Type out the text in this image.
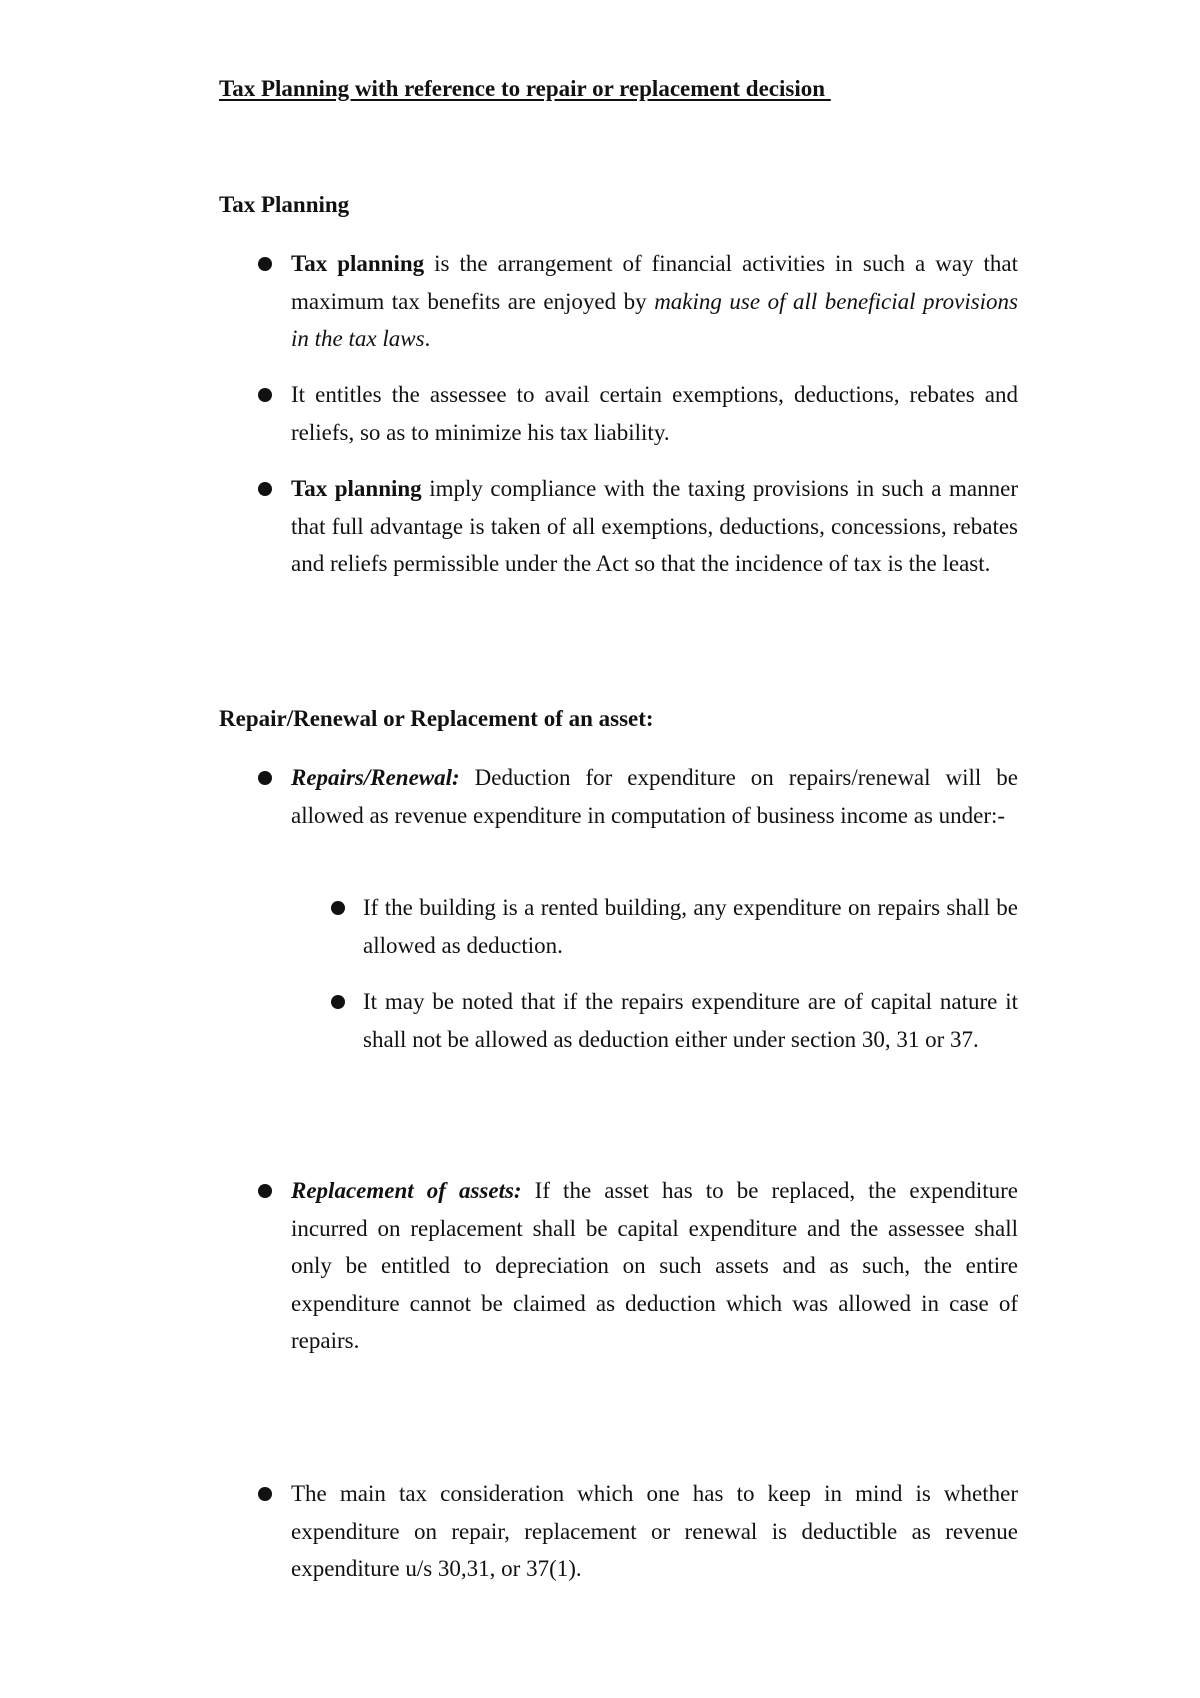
Tax Planning with reference to repair or replacement decision
Tax Planning

Tax planning is the arrangement of financial activities in such a way that maximum tax benefits are enjoyed by making use of all beneficial provisions in the tax laws.

It entitles the assessee to avail certain exemptions, deductions, rebates and reliefs, so as to minimize his tax liability.

Tax planning imply compliance with the taxing provisions in such a manner that full advantage is taken of all exemptions, deductions, concessions, rebates and reliefs permissible under the Act so that the incidence of tax is the least.

Repair/Renewal or Replacement of an asset:

Repairs/Renewal: Deduction for expenditure on repairs/renewal will be allowed as revenue expenditure in computation of business income as under:-

If the building is a rented building, any expenditure on repairs shall be allowed as deduction.

It may be noted that if the repairs expenditure are of capital nature it shall not be allowed as deduction either under section 30, 31 or 37.

Replacement of assets: If the asset has to be replaced, the expenditure incurred on replacement shall be capital expenditure and the assessee shall only be entitled to depreciation on such assets and as such, the entire expenditure cannot be claimed as deduction which was allowed in case of repairs.

The main tax consideration which one has to keep in mind is whether expenditure on repair, replacement or renewal is deductible as revenue expenditure u/s 30,31, or 37(1).
